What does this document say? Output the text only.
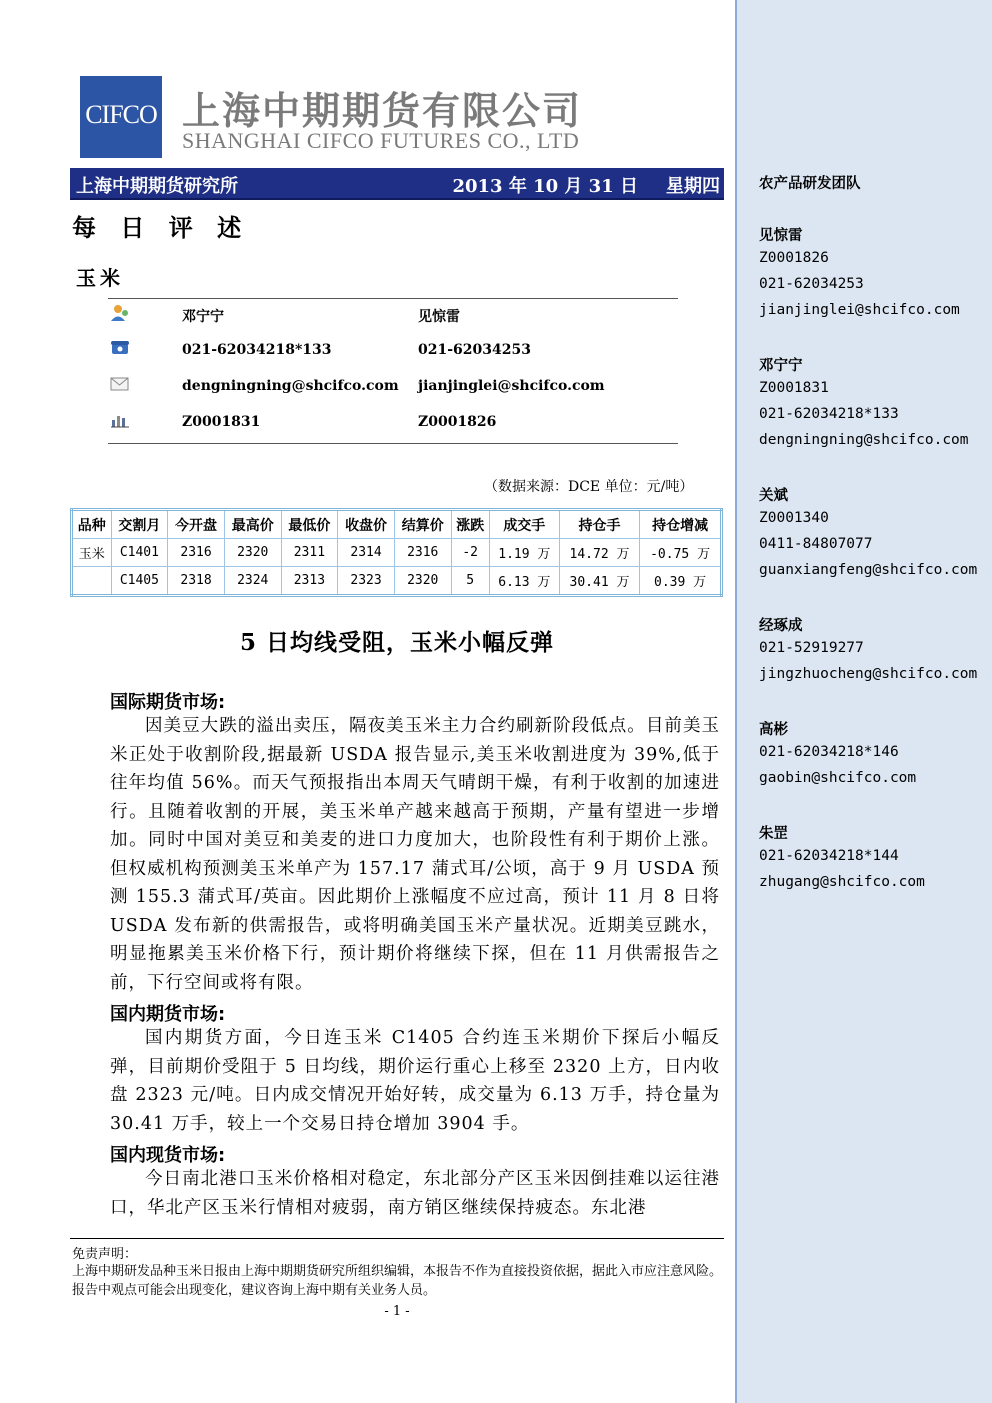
CIFCO 上海中期期货有限公司
SHANGHAI CIFCO FUTURES CO., LTD
上海中期期货研究所	2013 年 10 月 31 日 星期四
每 日 评 述
玉米
邓宁宁	见惊雷
021-62034218*133	021-62034253
dengningning@shcifco.com jianjinglei@shcifco.com
Z0001831	Z0001826
（数据来源：DCE 单位：元/吨）
品种	交割月	今开盘	最高价	最低价	收盘价	结算价	涨跌	成交手	持仓手	持仓增减
玉米	C1401	2316	2320	2311	2314	2316	-2	1.19 万	14.72 万	-0.75 万
	C1405	2318	2324	2313	2323	2320	5	6.13 万	30.41 万	0.39 万
5 日均线受阻，玉米小幅反弹
国际期货市场:
因美豆大跌的溢出卖压，隔夜美玉米主力合约刷新阶段低点。目前美玉米正处于收割阶段,据最新 USDA 报告显示,美玉米收割进度为 39%,低于往年均值 56%。而天气预报指出本周天气晴朗干燥，有利于收割的加速进行。且随着收割的开展，美玉米单产越来越高于预期，产量有望进一步增加。同时中国对美豆和美麦的进口力度加大，也阶段性有利于期价上涨。但权威机构预测美玉米单产为 157.17 蒲式耳/公顷，高于 9 月 USDA 预测 155.3 蒲式耳/英亩。因此期价上涨幅度不应过高，预计 11 月 8 日将 USDA 发布新的供需报告，或将明确美国玉米产量状况。近期美豆跳水，明显拖累美玉米价格下行，预计期价将继续下探，但在 11 月供需报告之前，下行空间或将有限。
国内期货市场:
国内期货方面，今日连玉米 C1405 合约连玉米期价下探后小幅反弹，目前期价受阻于 5 日均线，期价运行重心上移至 2320 上方，日内收盘 2323 元/吨。日内成交情况开始好转，成交量为 6.13 万手，持仓量为 30.41 万手，较上一个交易日持仓增加 3904 手。
国内现货市场:
今日南北港口玉米价格相对稳定，东北部分产区玉米因倒挂难以运往港口，华北产区玉米行情相对疲弱，南方销区继续保持疲态。东北港
免责声明：
上海中期研发品种玉米日报由上海中期期货研究所组织编辑，本报告不作为直接投资依据，据此入市应注意风险。报告中观点可能会出现变化，建议咨询上海中期有关业务人员。
- 1 -
农产品研发团队
见惊雷
Z0001826
021-62034253
jianjinglei@shcifco.com
邓宁宁
Z0001831
021-62034218*133
dengningning@shcifco.com
关斌
Z0001340
0411-84807077
guanxiangfeng@shcifco.com
经琢成
021-52919277
jingzhuocheng@shcifco.com
高彬
021-62034218*146
gaobin@shcifco.com
朱罡
021-62034218*144
zhugang@shcifco.com
